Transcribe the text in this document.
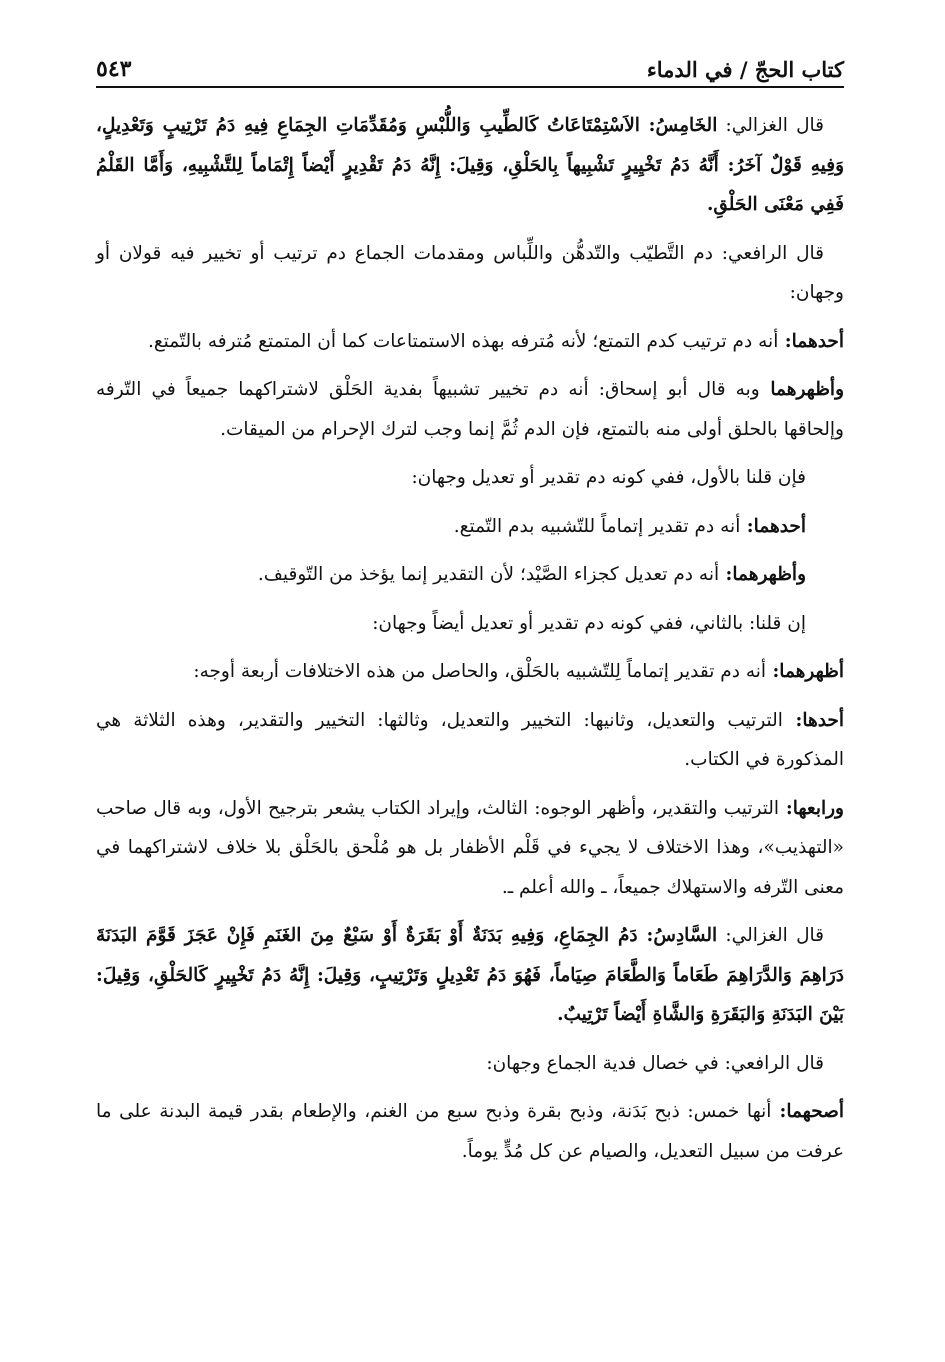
كتاب الحجّ / في الدماء
٥٤٣

قال الغزالي: الخَامِسُ: الاَسْتِمْتَاعَاتُ كَالطِّيبِ وَاللُّبْسِ وَمُقَدِّمَاتِ الجِمَاعِ فِيهِ دَمُ تَرْتِيبٍ وَتَعْدِيلٍ، وَفِيهِ قَوْلٌ آخَرُ: أَنَّهُ دَمُ تَخْيِيرٍ تَشْبِيهاً بِالحَلْقِ، وَقِيلَ: إِنَّهُ دَمُ تَقْدِيرٍ أَيْضاً إِتْمَاماً لِلتَّشْبِيهِ، وَأَمَّا القَلْمُ فَفِي مَعْنَى الحَلْقِ.

قال الرافعي: دم التَّطيّب والتّدهُّن واللِّباس ومقدمات الجماع دم ترتيب أو تخيير فيه قولان أو وجهان:

أحدهما: أنه دم ترتيب كدم التمتع؛ لأنه مُترفه بهذه الاستمتاعات كما أن المتمتع مُترفه بالتّمتع.

وأظهرهما وبه قال أبو إسحاق: أنه دم تخيير تشبيهاً بفدية الحَلْق لاشتراكهما جميعاً في التّرفه وإلحاقها بالحلق أولى منه بالتمتع، فإن الدم ثُمَّ إنما وجب لترك الإحرام من الميقات.

فإن قلنا بالأول، ففي كونه دم تقدير أو تعديل وجهان:

أحدهما: أنه دم تقدير إتماماً للتّشبيه بدم التّمتع.

وأظهرهما: أنه دم تعديل كجزاء الصَّيْد؛ لأن التقدير إنما يؤخذ من التّوقيف.

إن قلنا: بالثاني، ففي كونه دم تقدير أو تعديل أيضاً وجهان:

أظهرهما: أنه دم تقدير إتماماً لِلتّشبيه بالحَلْق، والحاصل من هذه الاختلافات أربعة أوجه:

أحدها: الترتيب والتعديل، وثانيها: التخيير والتعديل، وثالثها: التخيير والتقدير، وهذه الثلاثة هي المذكورة في الكتاب.

ورابعها: الترتيب والتقدير، وأظهر الوجوه: الثالث، وإيراد الكتاب يشعر بترجيح الأول، وبه قال صاحب «التهذيب»، وهذا الاختلاف لا يجيء في قَلْم الأظفار بل هو مُلْحق بالحَلْق بلا خلاف لاشتراكهما في معنى التّرفه والاستهلاك جميعاً، ـ والله أعلم ـ.

قال الغزالي: السَّادِسُ: دَمُ الجِمَاعِ، وَفِيهِ بَدَنَةٌ أَوْ بَقَرَةٌ أَوْ سَبْعٌ مِنَ الغَنَمِ فَإِنْ عَجَزَ قَوَّمَ البَدَنَةَ دَرَاهِمَ وَالدَّرَاهِمَ طَعَاماً وَالطَّعَامَ صِيَاماً، فَهُوَ دَمُ تَعْدِيلٍ وَتَرْتِيبٍ، وَقِيلَ: إِنَّهُ دَمُ تَخْيِيرٍ كَالحَلْقِ، وَقِيلَ: بَيْنَ البَدَنَةِ وَالبَقَرَةِ وَالشَّاةِ أَيْضاً تَرْتِيبٌ.

قال الرافعي: في خصال فدية الجماع وجهان:

أصحهما: أنها خمس: ذبح بَدَنة، وذبح بقرة وذبح سبع من الغنم، والإطعام بقدر قيمة البدنة على ما عرفت من سبيل التعديل، والصيام عن كل مُدٍّ يوماً.
